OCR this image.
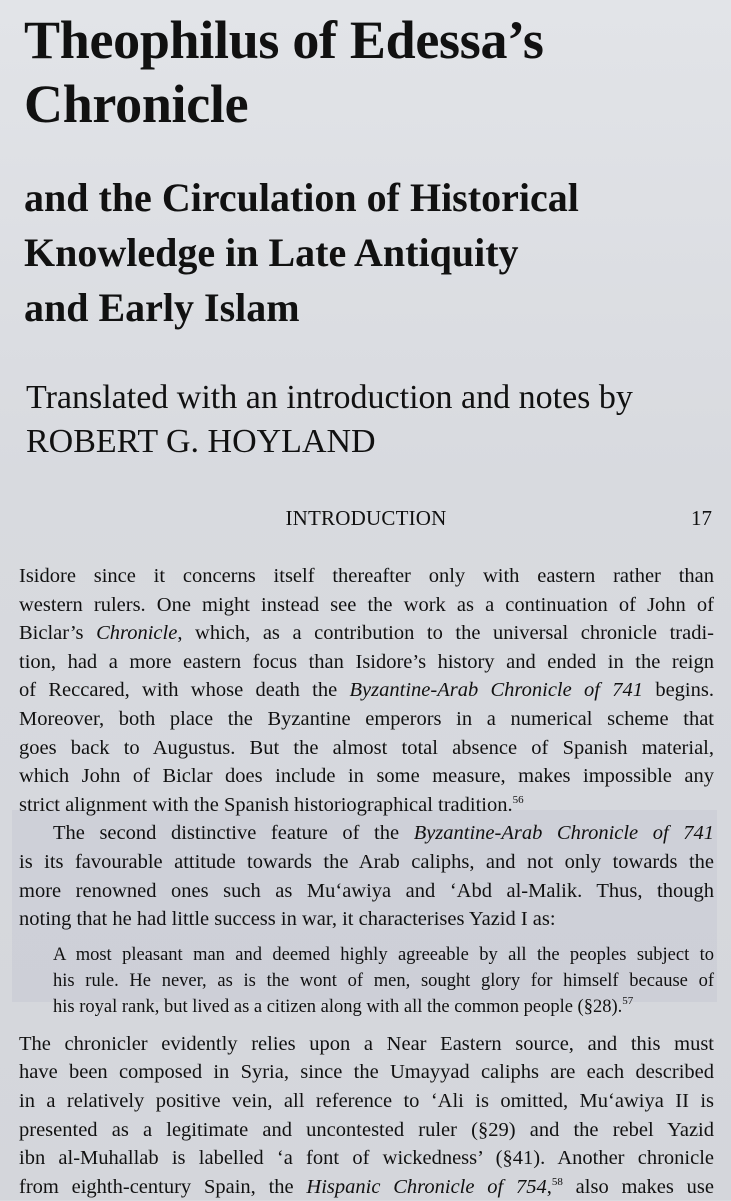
Theophilus of Edessa’s
Chronicle
and the Circulation of Historical
Knowledge in Late Antiquity
and Early Islam
Translated with an introduction and notes by
ROBERT G. HOYLAND
INTRODUCTION	17
Isidore since it concerns itself thereafter only with eastern rather than
western rulers. One might instead see the work as a continuation of John of
Biclar’s Chronicle, which, as a contribution to the universal chronicle tradi-
tion, had a more eastern focus than Isidore’s history and ended in the reign
of Reccared, with whose death the Byzantine-Arab Chronicle of 741 begins.
Moreover, both place the Byzantine emperors in a numerical scheme that
goes back to Augustus. But the almost total absence of Spanish material,
which John of Biclar does include in some measure, makes impossible any
strict alignment with the Spanish historiographical tradition.$^{56}$
The second distinctive feature of the Byzantine-Arab Chronicle of 741
is its favourable attitude towards the Arab caliphs, and not only towards the
more renowned ones such as Mu‘awiya and ‘Abd al-Malik. Thus, though
noting that he had little success in war, it characterises Yazid I as:
A most pleasant man and deemed highly agreeable by all the peoples subject to
his rule. He never, as is the wont of men, sought glory for himself because of
his royal rank, but lived as a citizen along with all the common people (§28).$^{57}$
The chronicler evidently relies upon a Near Eastern source, and this must
have been composed in Syria, since the Umayyad caliphs are each described
in a relatively positive vein, all reference to ‘Ali is omitted, Mu‘awiya II is
presented as a legitimate and uncontested ruler (§29) and the rebel Yazid
ibn al-Muhallab is labelled ‘a font of wickedness’ (§41). Another chronicle
from eighth-century Spain, the Hispanic Chronicle of 754,58 also makes use
